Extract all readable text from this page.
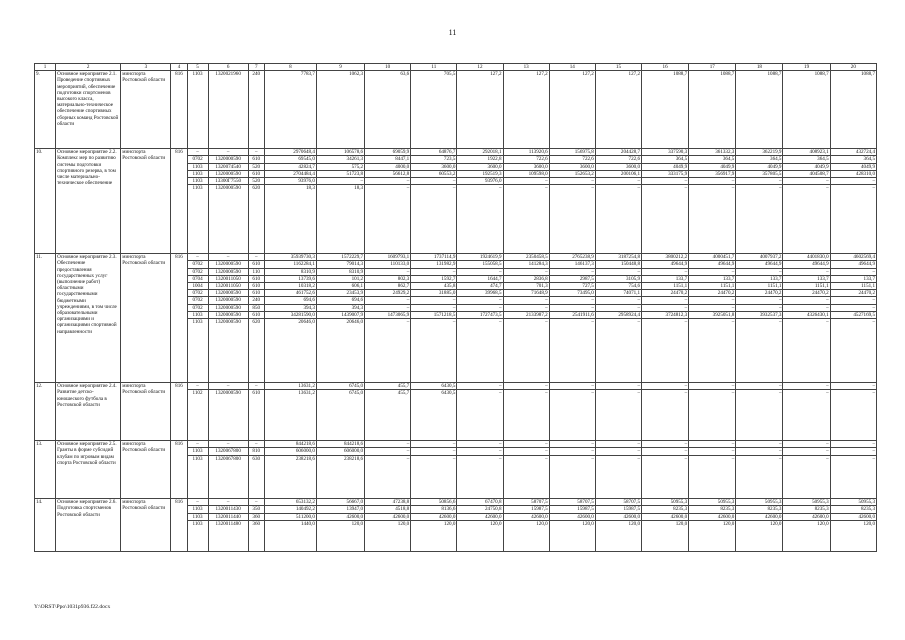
11
1	2	3	4	5	6	7	8	9	10	11	12	13	14	15	16	17	18	19	20
9.	Основное мероприятие 2.1. Проведение спортивных мероприятий, обеспечение подготовки спортсменов высокого класса, материально-техническое обеспечение спортивных сборных команд Ростовской области	минспорта Ростовской области	816	1103	1320021960	240	7783,7	1062,3	63,6	705,5	127,2	127,2	127,2	127,2	1088,7	1088,7	1088,7	1088,7	1088,7
10.	Основное мероприятие 2.2. Комплекс мер по развитию системы подготовки спортивного резерва, в том числе материально-техническое обеспечение	минспорта Ростовской области	816	–	–	–	2970648,4	106578,6	69059,9	64876,7	292018,1	113920,6	156975,8	204428,7	337590,3	361332,3	362219,9	408923,1	432724,4
				0702	1320000590	610	69545,0	34261,3	8447,1	723,5	1922,8	722,6	722,6	722,6	364,5	364,5	364,5	364,5	364,5
				1103	1320074540	520	42824,7	575,2	4000,0	3600,0	3600,0	3600,0	3600,0	3600,0	4049,9	4049,9	4049,9	4049,9	4049,9
				1103	1320000590	610	2704484,4	51723,8	56612,8	60553,2	192519,3	109598,0	152653,2	200106,1	333175,9	356917,9	357805,5	404508,7	428310,0
				1103	13300Г7550	520	93976,0	–	–	–	93976,0	–	–	–	–	–	–	–	–
				1103	1320000590	620	18,3	18,3	–	–	–	–	–	–	–	–	–	–	–
11.	Основное мероприятие 2.3. Обеспечение предоставления государственных услуг (выполнение работ) областными государственными бюджетными учреждениями, в том числе образовательными организациями и организациями спортивной направленности	минспорта Ростовской области	816	–	–	–	35939730,3	1572229,7	1609793,1	1737114,9	1924619,9	2350458,5	2765238,9	3187254,8	3800212,2	4000451,7	4007937,2	4401830,0	4602569,4
				0702	1320000590	610	1162284,1	79014,3	110133,0	131982,9	155058,5	141284,3	146137,3	150448,8	49644,9	49644,9	49644,9	49644,9	49644,9
				0702	1320000590	110	8310,9	8310,9	–	–	–	–	–	–	–	–	–	–	–
				0704	1320011050	610	13739,6	101,2	802,3	1592,7	1644,7	2836,8	2987,5	3105,9	133,7	133,7	133,7	133,7	133,7
				1004	1320011050	610	10318,2	606,1	862,7	435,8	474,7	701,3	727,5	754,6	1151,1	1151,1	1151,1	1151,1	1151,1
				0702	1320000590	610	461752,6	23453,9	24929,2	31885,0	39968,5	71648,9	73495,0	74071,1	24470,2	24470,2	24470,2	24470,2	24470,2
				0702	1320000590	240	694,6	694,6	–	–	–	–	–	–	–	–	–	–	–
				0702	1320000590	850	394,3	394,3	–	–	–	–	–	–	–	–	–	–	–
				1103	1320000590	610	34281590,0	1439007,9	1473065,9	1571218,5	1727473,5	2133987,2	2541911,6	2958924,4	3724812,3	3925051,8	3932537,3	4326430,1	4527169,5
				1103	1320000590	620	20646,0	20646,0	–	–	–	–	–	–	–	–	–	–	–
12.	Основное мероприятие 2.4. Развитие детско-юношеского футбола в Ростовской области	минспорта Ростовской области	816	–	–	–	13631,2	6745,0	455,7	6430,5	–	–	–	–	–	–	–	–	–
				1102	1320000590	610	13631,2	6745,0	455,7	6430,5	–	–	–	–	–	–	–	–	–
13.	Основное мероприятие 2.5. Гранты в форме субсидий клубам по игровым видам спорта Ростовской области	минспорта Ростовской области	816	–	–	–	844218,6	844218,6	–	–	–	–	–	–	–	–	–	–	–
				1103	1320067800	810	606000,0	606000,0	–	–	–	–	–	–	–	–	–	–	–
				1103	1320067800	630	238218,6	238218,6	–	–	–	–	–	–	–	–	–	–	–
14.	Основное мероприятие 2.6. Подготовка спортсменов Ростовской области	минспорта Ростовской области	816	–	–	–	653132,2	56667,0	47238,8	50856,6	67470,8	58707,5	58707,5	58707,5	50955,3	50955,3	50955,3	50955,3	50955,3
				1103	1320011430	350	140492,2	13947,0	4518,8	8136,6	24750,8	15987,5	15987,5	15987,5	8235,3	8235,3	8235,3	8235,3	8235,3
				1103	1320011440	360	511200,0	42600,0	42600,0	42600,0	42600,0	42600,0	42600,0	42600,0	42600,0	42600,0	42600,0	42600,0	42600,0
				1103	1320011480	360	1440,0	120,0	120,0	120,0	120,0	120,0	120,0	120,0	120,0	120,0	120,0	120,0	120,0
Y:\ORST\Ppo\1031p936.f22.docx
